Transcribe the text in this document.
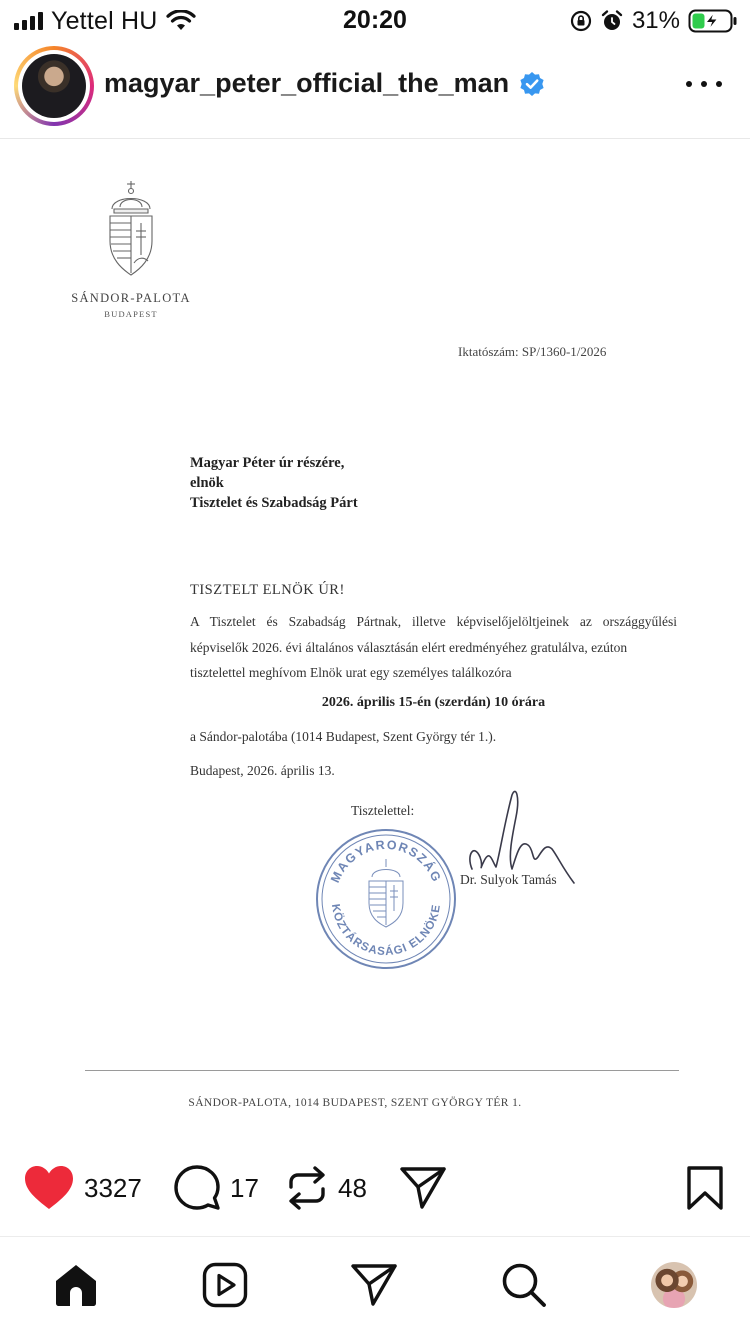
Yettel HU	20:20	31%
magyar_peter_official_the_man
SÁNDOR-PALOTA
BUDAPEST
Iktatószám: SP/1360-1/2026
Magyar Péter úr részére,
elnök
Tisztelet és Szabadság Párt
TISZTELT ELNÖK ÚR!
A Tisztelet és Szabadság Pártnak, illetve képviselőjelöltjeinek az országgyűlési képviselők 2026. évi általános választásán elért eredményéhez gratulálva, ezúton
tisztelettel meghívom Elnök urat egy személyes találkozóra
2026. április 15-én (szerdán) 10 órára
a Sándor-palotába (1014 Budapest, Szent György tér 1.).
Budapest, 2026. április 13.
Tisztelettel:
MAGYARORSZÁG
KÖZTÁRSASÁGI ELNÖKE
Dr. Sulyok Tamás
SÁNDOR-PALOTA, 1014 BUDAPEST, SZENT GYÖRGY TÉR 1.
3327	17	48
